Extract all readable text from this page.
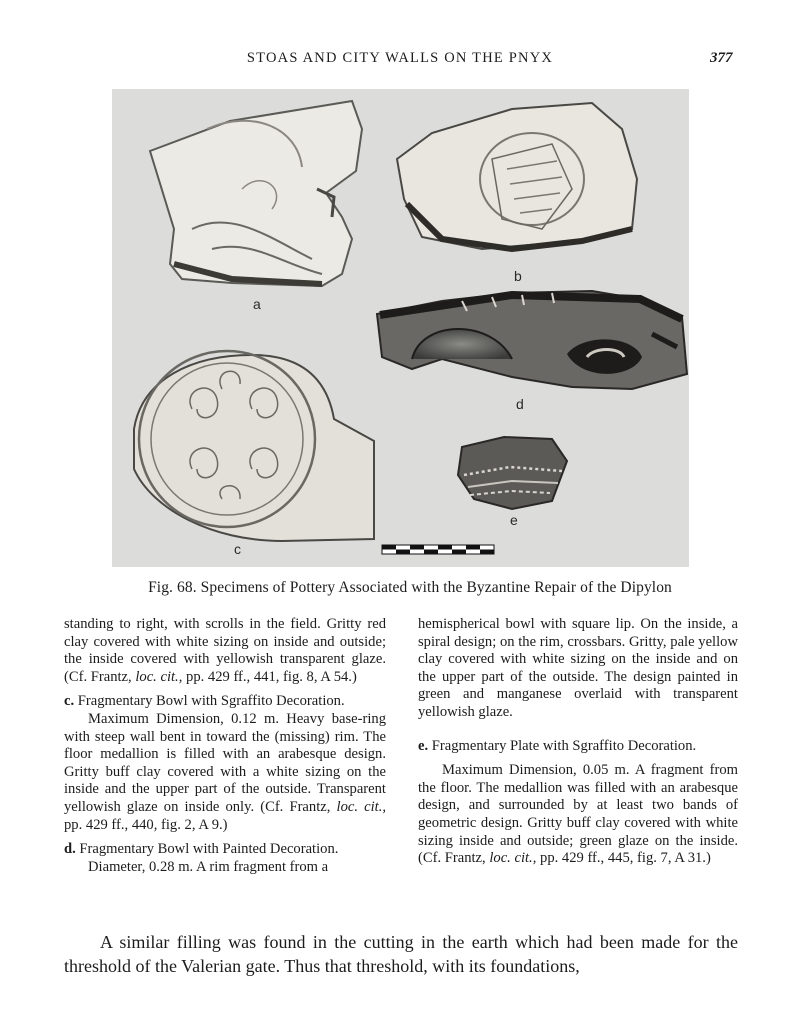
STOAS AND CITY WALLS ON THE PNYX	377
b
d
e
a
c
Fig. 68. Specimens of Pottery Associated with the Byzantine Repair of the Dipylon

standing to right, with scrolls in the field. Gritty red clay covered with white sizing on inside and outside; the inside covered with yellowish transparent glaze. (Cf. Frantz, loc. cit., pp. 429 ff., 441, fig. 8, A 54.)

c. Fragmentary Bowl with Sgraffito Decoration.

Maximum Dimension, 0.12 m. Heavy base-ring with steep wall bent in toward the (missing) rim. The floor medallion is filled with an arabesque design. Gritty buff clay covered with a white sizing on the inside and the upper part of the outside. Transparent yellowish glaze on inside only. (Cf. Frantz, loc. cit., pp. 429 ff., 440, fig. 2, A 9.)

d. Fragmentary Bowl with Painted Decoration.

Diameter, 0.28 m. A rim fragment from a

hemispherical bowl with square lip. On the inside, a spiral design; on the rim, crossbars. Gritty, pale yellow clay covered with white sizing on the inside and on the upper part of the outside. The design painted in green and manganese overlaid with transparent yellowish glaze.

e. Fragmentary Plate with Sgraffito Decoration.

Maximum Dimension, 0.05 m. A fragment from the floor. The medallion was filled with an arabesque design, and surrounded by at least two bands of geometric design. Gritty buff clay covered with white sizing inside and outside; green glaze on the inside. (Cf. Frantz, loc. cit., pp. 429 ff., 445, fig. 7, A 31.)

A similar filling was found in the cutting in the earth which had been made for the threshold of the Valerian gate. Thus that threshold, with its foundations,
